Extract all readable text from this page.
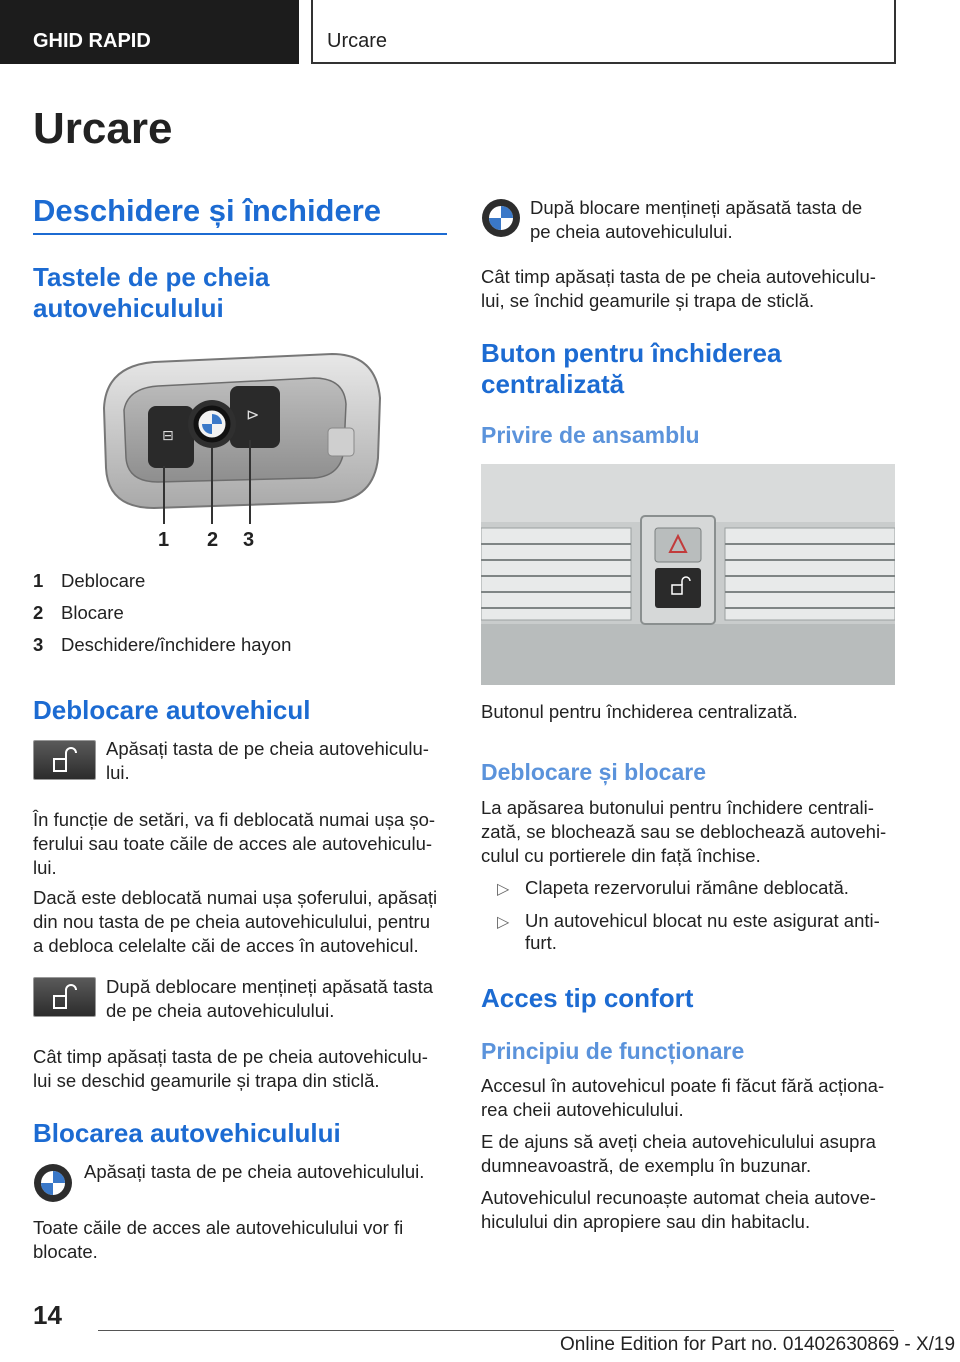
GHID RAPID	Urcare
Urcare
Deschidere și închidere
Tastele de pe cheia autovehiculului
⊟
⊳
1 2 3
1 Deblocare
2 Blocare
3 Deschidere/închidere hayon
Deblocare autovehicul
Apăsați tasta de pe cheia autovehiculu-
lui.
În funcție de setări, va fi deblocată numai ușa șo-
ferului sau toate căile de acces ale autovehiculu-
lui.
Dacă este deblocată numai ușa șoferului, apăsați
din nou tasta de pe cheia autovehiculului, pentru
a debloca celelalte căi de acces în autovehicul.
După deblocare mențineți apăsată tasta
de pe cheia autovehiculului.
Cât timp apăsați tasta de pe cheia autovehiculu-
lui se deschid geamurile și trapa din sticlă.
Blocarea autovehiculului
Apăsați tasta de pe cheia autovehiculului.
Toate căile de acces ale autovehiculului vor fi
blocate.
După blocare mențineți apăsată tasta de
pe cheia autovehiculului.
Cât timp apăsați tasta de pe cheia autovehiculu-
lui, se închid geamurile și trapa de sticlă.
Buton pentru închiderea
centralizată
Privire de ansamblu
Butonul pentru închiderea centralizată.
Deblocare și blocare
La apăsarea butonului pentru închidere centrali-
zată, se blochează sau se deblochează autovehi-
culul cu portierele din față închise.
▷ Clapeta rezervorului rămâne deblocată.
▷ Un autovehicul blocat nu este asigurat anti-
furt.
Acces tip confort
Principiu de funcționare
Accesul în autovehicul poate fi făcut fără acționa-
rea cheii autovehiculului.
E de ajuns să aveți cheia autovehiculului asupra
dumneavoastră, de exemplu în buzunar.
Autovehiculul recunoaște automat cheia autove-
hiculului din apropiere sau din habitaclu.
14
Online Edition for Part no. 01402630869 - X/19
